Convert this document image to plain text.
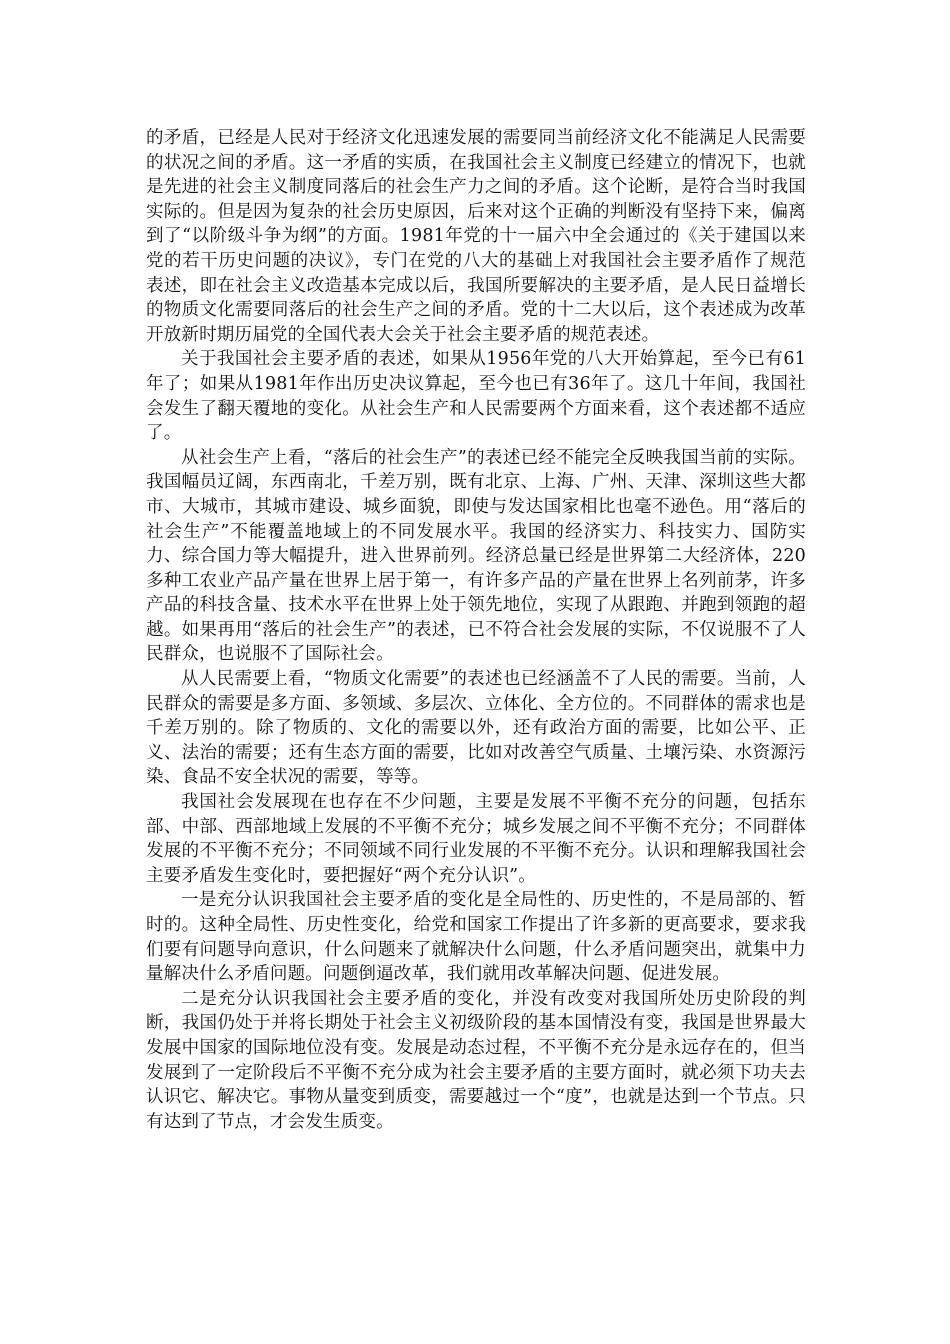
的矛盾，已经是人民对于经济文化迅速发展的需要同当前经济文化不能满足人民需要的状况之间的矛盾。这一矛盾的实质，在我国社会主义制度已经建立的情况下，也就是先进的社会主义制度同落后的社会生产力之间的矛盾。这个论断，是符合当时我国实际的。但是因为复杂的社会历史原因，后来对这个正确的判断没有坚持下来，偏离到了“以阶级斗争为纲”的方面。1981年党的十一届六中全会通过的《关于建国以来党的若干历史问题的决议》，专门在党的八大的基础上对我国社会主要矛盾作了规范表述，即在社会主义改造基本完成以后，我国所要解决的主要矛盾，是人民日益增长的物质文化需要同落后的社会生产之间的矛盾。党的十二大以后，这个表述成为改革开放新时期历届党的全国代表大会关于社会主要矛盾的规范表述。

关于我国社会主要矛盾的表述，如果从1956年党的八大开始算起，至今已有61年了；如果从1981年作出历史决议算起，至今也已有36年了。这几十年间，我国社会发生了翻天覆地的变化。从社会生产和人民需要两个方面来看，这个表述都不适应了。

从社会生产上看，“落后的社会生产”的表述已经不能完全反映我国当前的实际。我国幅员辽阔，东西南北，千差万别，既有北京、上海、广州、天津、深圳这些大都市、大城市，其城市建设、城乡面貌，即使与发达国家相比也毫不逊色。用“落后的社会生产”不能覆盖地域上的不同发展水平。我国的经济实力、科技实力、国防实力、综合国力等大幅提升，进入世界前列。经济总量已经是世界第二大经济体，220多种工农业产品产量在世界上居于第一，有许多产品的产量在世界上名列前茅，许多产品的科技含量、技术水平在世界上处于领先地位，实现了从跟跑、并跑到领跑的超越。如果再用“落后的社会生产”的表述，已不符合社会发展的实际，不仅说服不了人民群众，也说服不了国际社会。

从人民需要上看，“物质文化需要”的表述也已经涵盖不了人民的需要。当前，人民群众的需要是多方面、多领域、多层次、立体化、全方位的。不同群体的需求也是千差万别的。除了物质的、文化的需要以外，还有政治方面的需要，比如公平、正义、法治的需要；还有生态方面的需要，比如对改善空气质量、土壤污染、水资源污染、食品不安全状况的需要，等等。

我国社会发展现在也存在不少问题，主要是发展不平衡不充分的问题，包括东部、中部、西部地域上发展的不平衡不充分；城乡发展之间不平衡不充分；不同群体发展的不平衡不充分；不同领域不同行业发展的不平衡不充分。认识和理解我国社会主要矛盾发生变化时，要把握好“两个充分认识”。

一是充分认识我国社会主要矛盾的变化是全局性的、历史性的，不是局部的、暂时的。这种全局性、历史性变化，给党和国家工作提出了许多新的更高要求，要求我们要有问题导向意识，什么问题来了就解决什么问题，什么矛盾问题突出，就集中力量解决什么矛盾问题。问题倒逼改革，我们就用改革解决问题、促进发展。

二是充分认识我国社会主要矛盾的变化，并没有改变对我国所处历史阶段的判断，我国仍处于并将长期处于社会主义初级阶段的基本国情没有变，我国是世界最大发展中国家的国际地位没有变。发展是动态过程，不平衡不充分是永远存在的，但当发展到了一定阶段后不平衡不充分成为社会主要矛盾的主要方面时，就必须下功夫去认识它、解决它。事物从量变到质变，需要越过一个“度”，也就是达到一个节点。只有达到了节点，才会发生质变。
